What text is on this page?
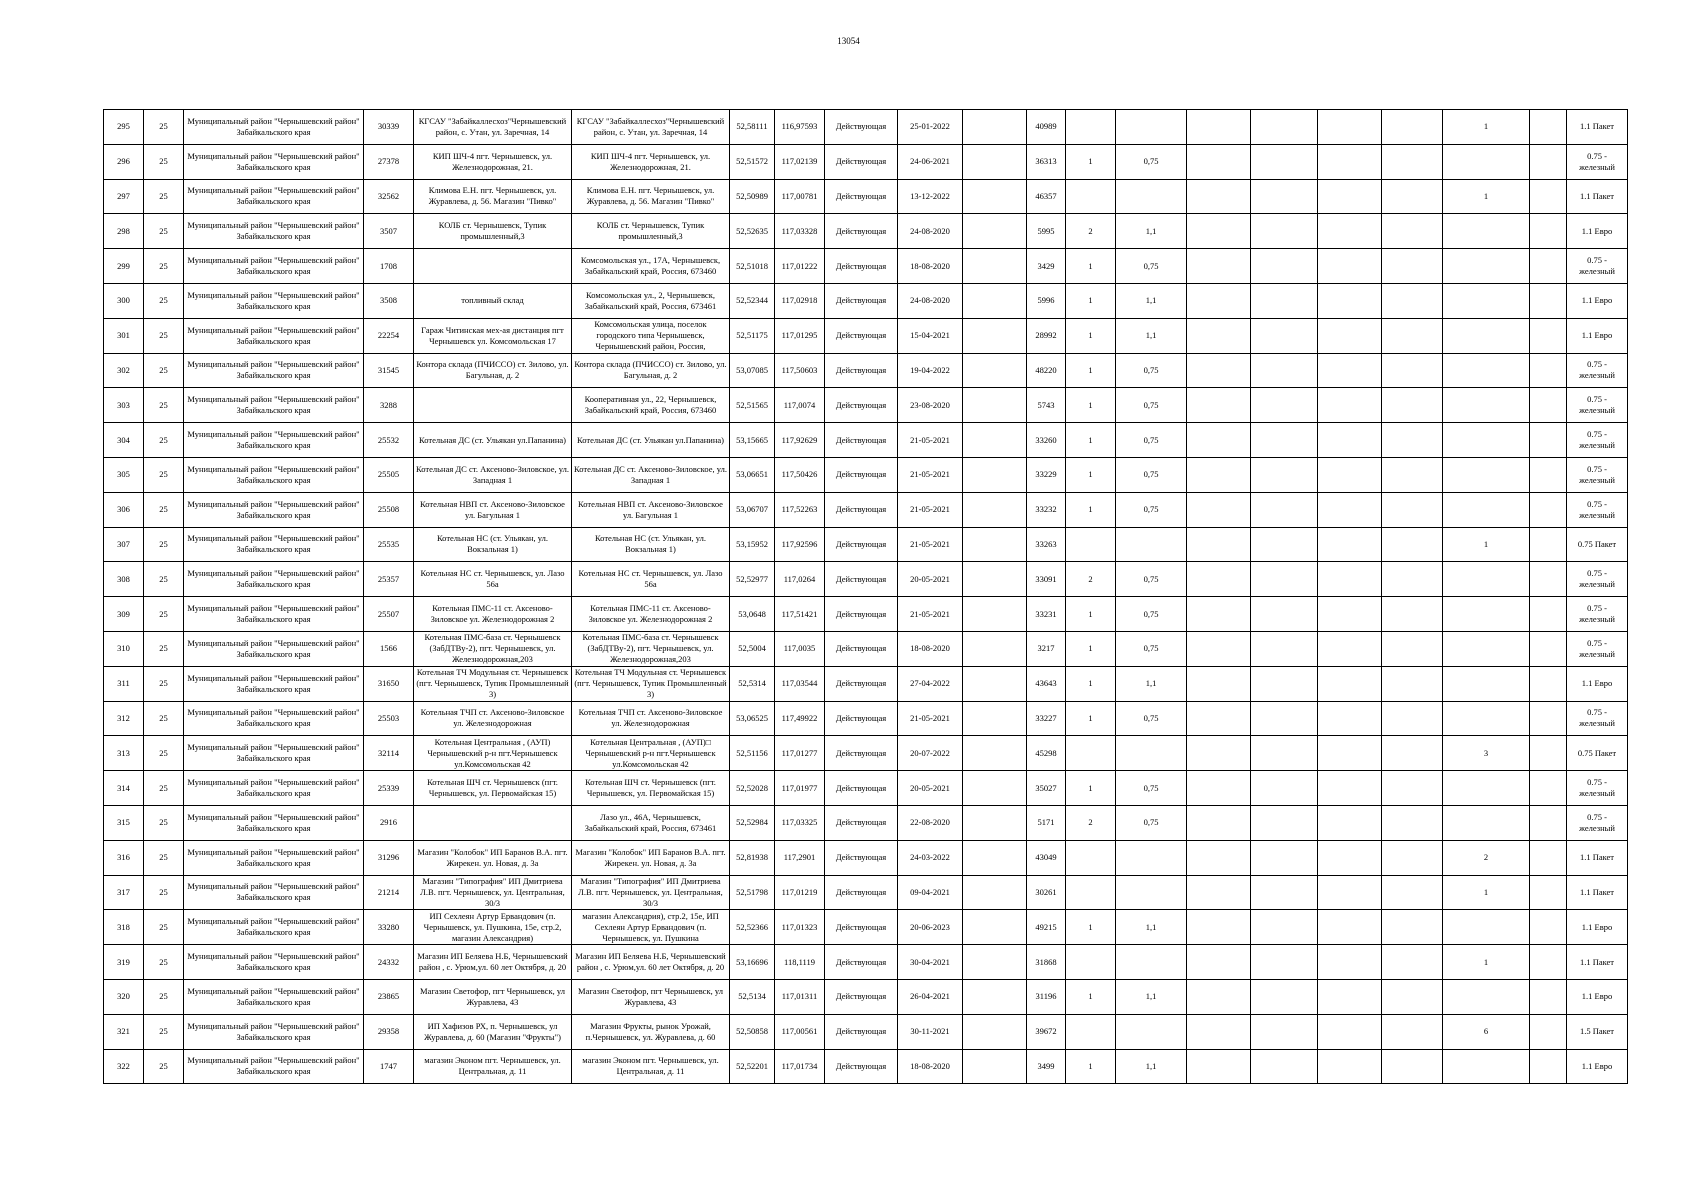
13054
295	25	Муниципальный район "Чернышевский район" Забайкальского края	30339	КГСАУ "Забайкаллесхоз"Чернышевский район, с. Утан, ул. Заречная, 14	КГСАУ "Забайкаллесхоз"Чернышевский район, с. Утан, ул. Заречная, 14	52,58111	116,97593	Действующая	25-01-2022		40989							1		1.1 Пакет
296	25	Муниципальный район "Чернышевский район" Забайкальского края	27378	КИП ШЧ-4 пгт. Чернышевск, ул. Железнодорожная, 21.	КИП ШЧ-4 пгт. Чернышевск, ул. Железнодорожная, 21.	52,51572	117,02139	Действующая	24-06-2021		36313	1	0,75							0.75 - железный
297	25	Муниципальный район "Чернышевский район" Забайкальского края	32562	Климова Е.Н. пгт. Чернышевск, ул. Журавлева, д. 56. Магазин "Пивко"	Климова Е.Н. пгт. Чернышевск, ул. Журавлева, д. 56. Магазин "Пивко"	52,50989	117,00781	Действующая	13-12-2022		46357							1		1.1 Пакет
298	25	Муниципальный район "Чернышевский район" Забайкальского края	3507	КОЛБ ст. Чернышевск, Тупик промышленный,3	КОЛБ ст. Чернышевск, Тупик промышленный,3	52,52635	117,03328	Действующая	24-08-2020		5995	2	1,1							1.1 Евро
299	25	Муниципальный район "Чернышевский район" Забайкальского края	1708		Комсомольская ул., 17А, Чернышевск, Забайкальский край, Россия, 673460	52,51018	117,01222	Действующая	18-08-2020		3429	1	0,75							0.75 - железный
300	25	Муниципальный район "Чернышевский район" Забайкальского края	3508	топливный склад	Комсомольская ул., 2, Чернышевск, Забайкальский край, Россия, 673461	52,52344	117,02918	Действующая	24-08-2020		5996	1	1,1							1.1 Евро
301	25	Муниципальный район "Чернышевский район" Забайкальского края	22254	Гараж Читинская мех-ая дистанция пгт Чернышевск ул. Комсомольская 17	Комсомольская улица, поселок городского типа Чернышевск, Чернышевский район, Россия,	52,51175	117,01295	Действующая	15-04-2021		28992	1	1,1							1.1 Евро
302	25	Муниципальный район "Чернышевский район" Забайкальского края	31545	Контора склада (ПЧИССО) ст. Зилово, ул. Багульная, д. 2	Контора склада (ПЧИССО) ст. Зилово, ул. Багульная, д. 2	53,07085	117,50603	Действующая	19-04-2022		48220	1	0,75							0.75 - железный
303	25	Муниципальный район "Чернышевский район" Забайкальского края	3288		Кооперативная ул., 22, Чернышевск, Забайкальский край, Россия, 673460	52,51565	117,0074	Действующая	23-08-2020		5743	1	0,75							0.75 - железный
304	25	Муниципальный район "Чернышевский район" Забайкальского края	25532	Котельная ДС (ст. Ульякан ул.Папанина)	Котельная ДС (ст. Ульякан ул.Папанина)	53,15665	117,92629	Действующая	21-05-2021		33260	1	0,75							0.75 - железный
305	25	Муниципальный район "Чернышевский район" Забайкальского края	25505	Котельная ДС ст. Аксеново-Зиловское, ул. Западная 1	Котельная ДС ст. Аксеново-Зиловское, ул. Западная 1	53,06651	117,50426	Действующая	21-05-2021		33229	1	0,75							0.75 - железный
306	25	Муниципальный район "Чернышевский район" Забайкальского края	25508	Котельная НВП ст. Аксеново-Зиловское ул. Багульная 1	Котельная НВП ст. Аксеново-Зиловское ул. Багульная 1	53,06707	117,52263	Действующая	21-05-2021		33232	1	0,75							0.75 - железный
307	25	Муниципальный район "Чернышевский район" Забайкальского края	25535	Котельная НС (ст. Ульякан, ул. Вокзальная 1)	Котельная НС (ст. Ульякан, ул. Вокзальная 1)	53,15952	117,92596	Действующая	21-05-2021		33263							1		0.75 Пакет
308	25	Муниципальный район "Чернышевский район" Забайкальского края	25357	Котельная НС ст. Чернышевск, ул. Лазо 56а	Котельная НС ст. Чернышевск, ул. Лазо 56а	52,52977	117,0264	Действующая	20-05-2021		33091	2	0,75							0.75 - железный
309	25	Муниципальный район "Чернышевский район" Забайкальского края	25507	Котельная ПМС-11 ст. Аксеново-Зиловское ул. Железнодорожная 2	Котельная ПМС-11 ст. Аксеново-Зиловское ул. Железнодорожная 2	53,0648	117,51421	Действующая	21-05-2021		33231	1	0,75							0.75 - железный
310	25	Муниципальный район "Чернышевский район" Забайкальского края	1566	Котельная ПМС-база ст. Чернышевск (ЗабДТВу-2), пгт. Чернышевск, ул. Железнодорожная,203	Котельная ПМС-база ст. Чернышевск (ЗабДТВу-2), пгт. Чернышевск, ул. Железнодорожная,203	52,5004	117,0035	Действующая	18-08-2020		3217	1	0,75							0.75 - железный
311	25	Муниципальный район "Чернышевский район" Забайкальского края	31650	Котельная ТЧ Модульная ст. Чернышевск (пгт. Чернышевск, Тупик Промышленный 3)	Котельная ТЧ Модульная ст. Чернышевск (пгт. Чернышевск, Тупик Промышленный 3)	52,5314	117,03544	Действующая	27-04-2022		43643	1	1,1							1.1 Евро
312	25	Муниципальный район "Чернышевский район" Забайкальского края	25503	Котельная ТЧП ст. Аксеново-Зиловское ул. Железнодорожная	Котельная ТЧП ст. Аксеново-Зиловское ул. Железнодорожная	53,06525	117,49922	Действующая	21-05-2021		33227	1	0,75							0.75 - железный
313	25	Муниципальный район "Чернышевский район" Забайкальского края	32114	Котельная Центральная , (АУП) Чернышевский р-н пгт.Чернышевск ул.Комсомольская 42	Котельная Центральная , (АУП)□ Чернышевский р-н пгт.Чернышевск ул.Комсомольская 42	52,51156	117,01277	Действующая	20-07-2022		45298							3		0.75 Пакет
314	25	Муниципальный район "Чернышевский район" Забайкальского края	25339	Котельная ШЧ ст. Чернышевск (пгт. Чернышевск, ул. Первомайская 15)	Котельная ШЧ ст. Чернышевск (пгт. Чернышевск, ул. Первомайская 15)	52,52028	117,01977	Действующая	20-05-2021		35027	1	0,75							0.75 - железный
315	25	Муниципальный район "Чернышевский район" Забайкальского края	2916		Лазо ул., 46А, Чернышевск, Забайкальский край, Россия, 673461	52,52984	117,03325	Действующая	22-08-2020		5171	2	0,75							0.75 - железный
316	25	Муниципальный район "Чернышевский район" Забайкальского края	31296	Магазин "Колобок" ИП Баранов В.А. пгт. Жирекен. ул. Новая, д. 3а	Магазин "Колобок" ИП Баранов В.А. пгт. Жирекен. ул. Новая, д. 3а	52,81938	117,2901	Действующая	24-03-2022		43049							2		1.1 Пакет
317	25	Муниципальный район "Чернышевский район" Забайкальского края	21214	Магазин "Типография" ИП Дмитриева Л.В. пгт. Чернышевск, ул. Центральная, 30/3	Магазин "Типография" ИП Дмитриева Л.В. пгт. Чернышевск, ул. Центральная, 30/3	52,51798	117,01219	Действующая	09-04-2021		30261							1		1.1 Пакет
318	25	Муниципальный район "Чернышевский район" Забайкальского края	33280	ИП Сехлеян Артур Ервандович (п. Чернышевск, ул. Пушкина, 15е, стр.2, магазин Александрия)	магазин Александрия), стр.2, 15е, ИП Сехлеян Артур Ервандович (п. Чернышевск, ул. Пушкина	52,52366	117,01323	Действующая	20-06-2023		49215	1	1,1							1.1 Евро
319	25	Муниципальный район "Чернышевский район" Забайкальского края	24332	Магазин ИП Беляева Н.Б, Чернышевский район , с. Урюм,ул. 60 лет Октября, д. 20	Магазин ИП Беляева Н.Б, Чернышевский район , с. Урюм,ул. 60 лет Октября, д. 20	53,16696	118,1119	Действующая	30-04-2021		31868							1		1.1 Пакет
320	25	Муниципальный район "Чернышевский район" Забайкальского края	23865	Магазин Светофор, пгт Чернышевск, ул Журавлева, 43	Магазин Светофор, пгт Чернышевск, ул Журавлева, 43	52,5134	117,01311	Действующая	26-04-2021		31196	1	1,1							1.1 Евро
321	25	Муниципальный район "Чернышевский район" Забайкальского края	29358	ИП Хафизов РХ, п. Чернышевск, ул Журавлева, д. 60 (Магазин "Фрукты")	Магазин Фрукты, рынок Урожай, п.Чернышевск, ул. Журавлева, д. 60	52,50858	117,00561	Действующая	30-11-2021		39672							6		1.5 Пакет
322	25	Муниципальный район "Чернышевский район" Забайкальского края	1747	магазин Эконом пгт. Чернышевск, ул. Центральная, д. 11	магазин Эконом пгт. Чернышевск, ул. Центральная, д. 11	52,52201	117,01734	Действующая	18-08-2020		3499	1	1,1							1.1 Евро
